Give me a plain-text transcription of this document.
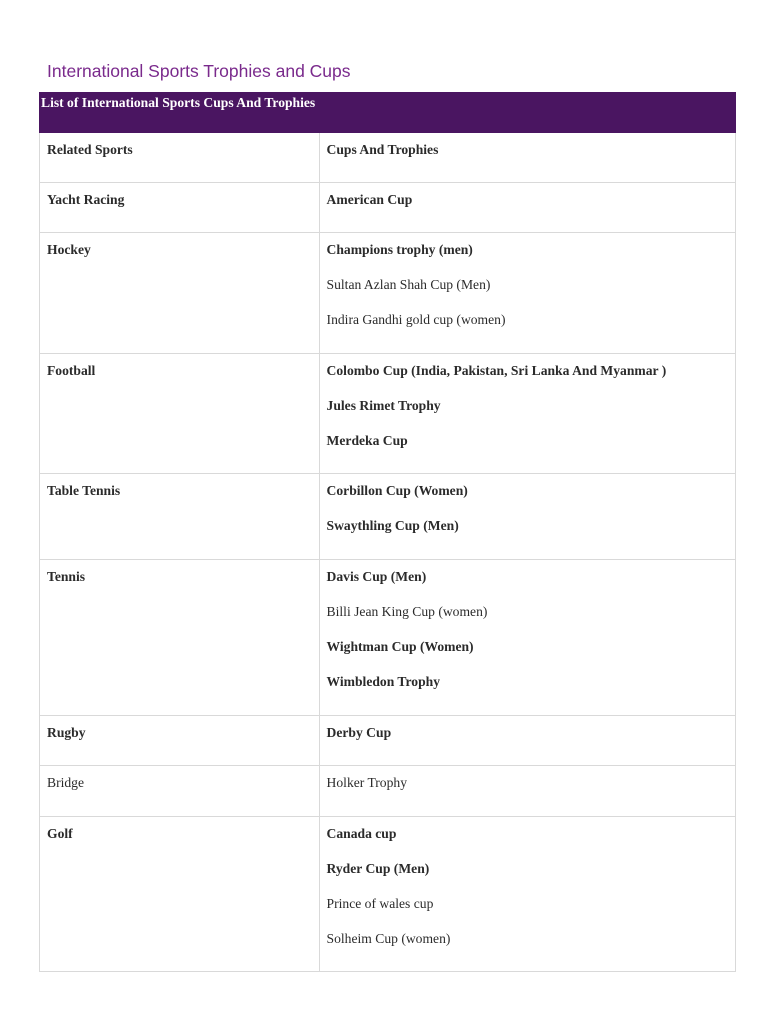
International Sports Trophies and Cups
List of International Sports Cups And Trophies	

Related Sports	Cups And Trophies

Yacht Racing	American Cup

Hockey	Champions trophy (men)
Sultan Azlan Shah Cup (Men)
Indira Gandhi gold cup (women)

Football	Colombo Cup (India, Pakistan, Sri Lanka And Myanmar )
Jules Rimet Trophy
Merdeka Cup

Table Tennis	Corbillon Cup (Women)
Swaythling Cup (Men)

Tennis	Davis Cup (Men)
Billi Jean King Cup (women)
Wightman Cup (Women)
Wimbledon Trophy

Rugby	Derby Cup

Bridge	Holker Trophy

Golf	Canada cup
Ryder Cup (Men)
Prince of wales cup
Solheim Cup (women)
